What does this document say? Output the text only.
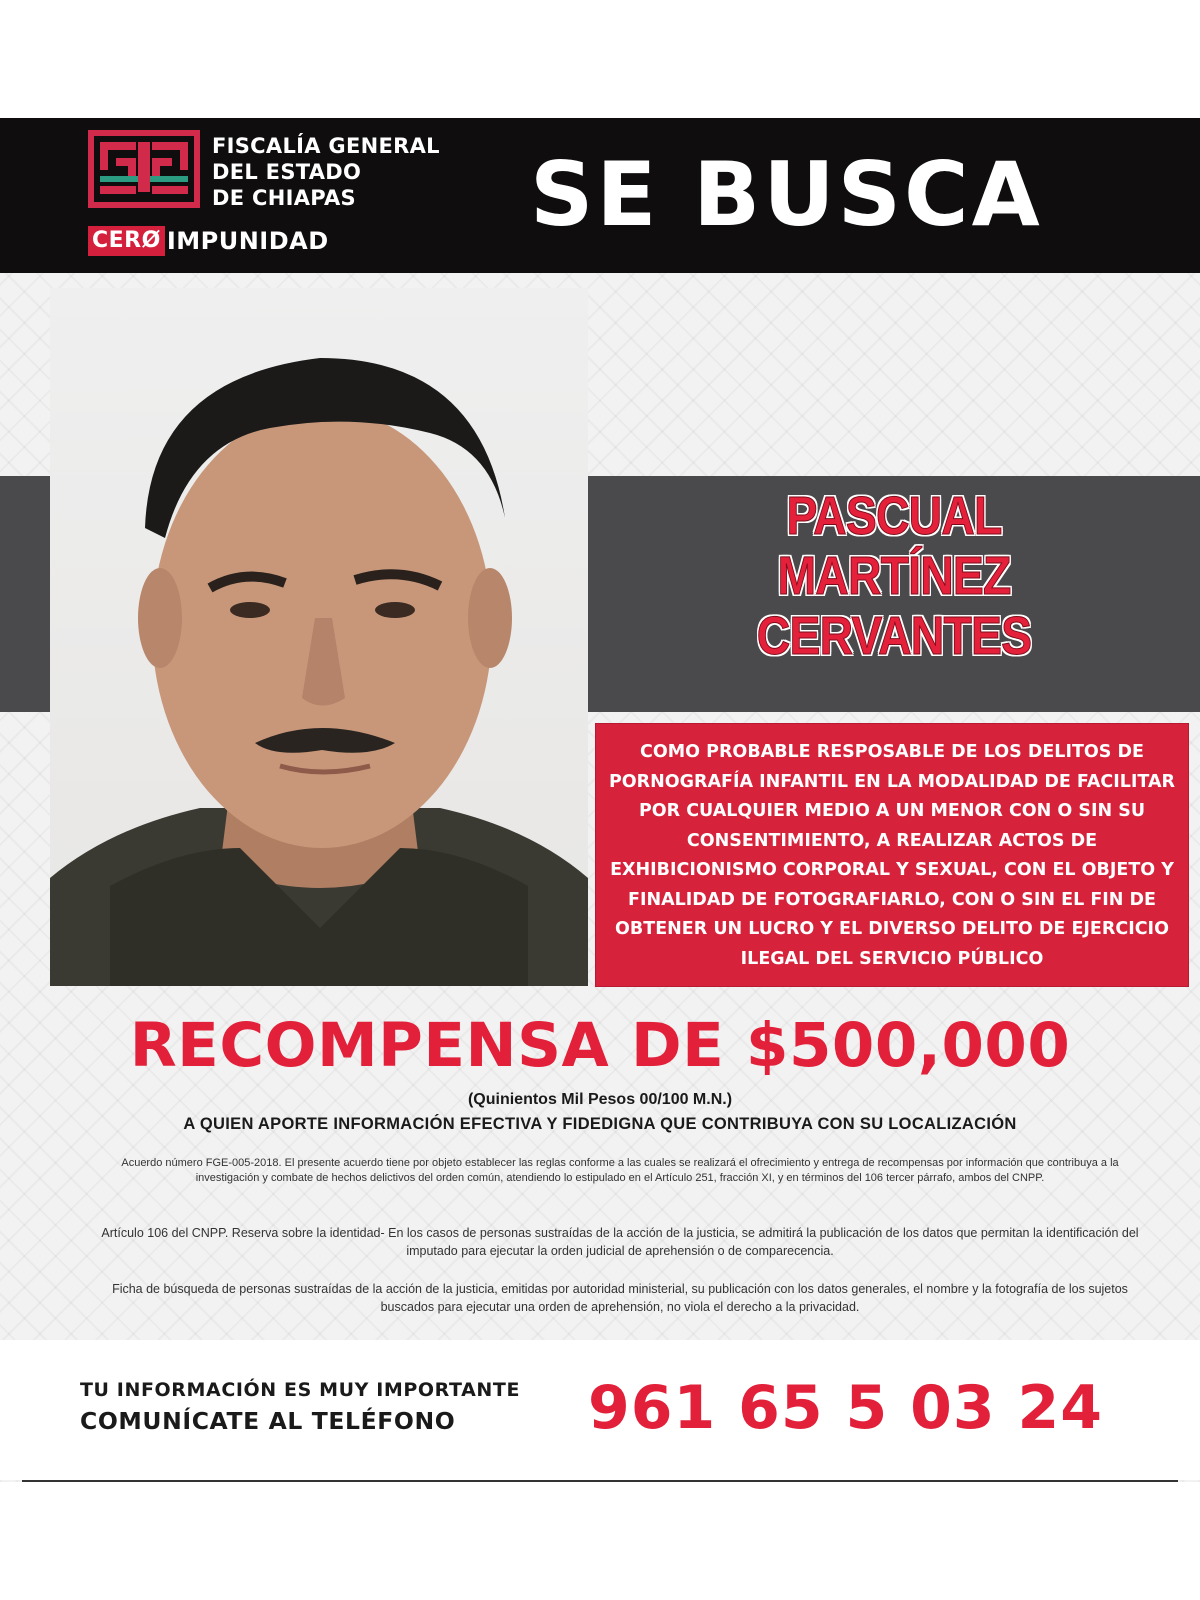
FISCALÍA GENERAL
DEL ESTADO
DE CHIAPAS
CERØ IMPUNIDAD SE BUSCA
PASCUAL
MARTÍNEZ
CERVANTES
COMO PROBABLE RESPOSABLE DE LOS DELITOS DE PORNOGRAFÍA INFANTIL EN LA MODALIDAD DE FACILITAR POR CUALQUIER MEDIO A UN MENOR CON O SIN SU CONSENTIMIENTO, A REALIZAR ACTOS DE EXHIBICIONISMO CORPORAL Y SEXUAL, CON EL OBJETO Y FINALIDAD DE FOTOGRAFIARLO, CON O SIN EL FIN DE OBTENER UN LUCRO Y EL DIVERSO DELITO DE EJERCICIO ILEGAL DEL SERVICIO PÚBLICO
RECOMPENSA DE $500,000
(Quinientos Mil Pesos 00/100 M.N.)
A QUIEN APORTE INFORMACIÓN EFECTIVA Y FIDEDIGNA QUE CONTRIBUYA CON SU LOCALIZACIÓN
Acuerdo número FGE-005-2018. El presente acuerdo tiene por objeto establecer las reglas conforme a las cuales se realizará el ofrecimiento y entrega de recompensas por información que contribuya a la investigación y combate de hechos delictivos del orden común, atendiendo lo estipulado en el Artículo 251, fracción XI, y en términos del 106 tercer párrafo, ambos del CNPP.
Artículo 106 del CNPP. Reserva sobre la identidad- En los casos de personas sustraídas de la acción de la justicia, se admitirá la publicación de los datos que permitan la identificación del imputado para ejecutar la orden judicial de aprehensión o de comparecencia.
Ficha de búsqueda de personas sustraídas de la acción de la justicia, emitidas por autoridad ministerial, su publicación con los datos generales, el nombre y la fotografía de los sujetos buscados para ejecutar una orden de aprehensión, no viola el derecho a la privacidad.
TU INFORMACIÓN ES MUY IMPORTANTE
COMUNÍCATE AL TELÉFONO	961 65 5 03 24
